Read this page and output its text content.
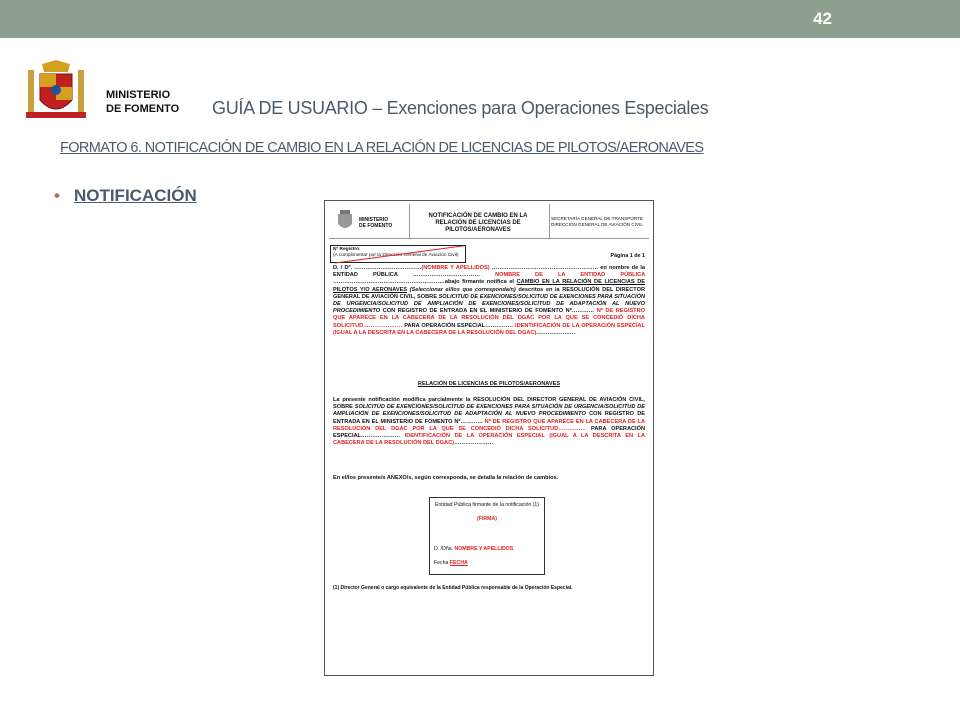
42
MINISTERIO
DE FOMENTO GUÍA DE USUARIO – Exenciones para Operaciones Especiales
FORMATO 6. NOTIFICACIÓN DE CAMBIO EN LA RELACIÓN DE LICENCIAS DE PILOTOS/AERONAVES
• NOTIFICACIÓN
MINISTERIO
DE FOMENTO
NOTIFICACIÓN DE CAMBIO EN LA RELACIÓN DE LICENCIAS DE PILOTOS/AERONAVES
SECRETARÍA GENERAL DE TRANSPORTE
DIRECCIÓN GENERAL DE AVIACIÓN CIVIL
Nº Registro:
(A cumplimentar por la Dirección General de Aviación Civil)	Página 1 de 1
D. / Dª. ………………………………(NOMBRE Y APELLIDOS) ………………………………………………… en nombre de la ENTIDAD PÚBLICA ………………………………	NOMBRE DE LA ENTIDAD PÚBLICA ……………………………………………………abajo firmante notifica el CAMBIO EN LA RELACIÓN DE LICENCIAS DE PILOTOS Y/O AERONAVES (Seleccionar el/los que corresponda/n) descritos en la RESOLUCIÓN DEL DIRECTOR GENERAL DE AVIACIÓN CIVIL, SOBRE SOLICITUD DE EXENCIONES/SOLICITUD DE EXENCIONES PARA SITUACIÓN DE URGENCIA/SOLICITUD DE AMPLIACIÓN DE EXENCIONES/SOLICITUD DE ADAPTACIÓN AL NUEVO PROCEDIMIENTO CON REGISTRO DE ENTRADA EN EL MINISTERIO DE FOMENTO Nº………… Nº DE REGISTRO QUE APARECE EN LA CABECERA DE LA RESOLUCIÓN DEL DGAC POR LA QUE SE CONCEDIÓ DICHA SOLICITUD………………… PARA OPERACIÓN ESPECIAL…………… IDENTIFICACIÓN DE LA OPERACIÓN ESPECIAL (IGUAL A LA DESCRITA EN LA CABECERA DE LA RESOLUCIÓN DEL DGAC)…………………
RELACIÓN DE LICENCIAS DE PILOTOS/AERONAVES
La presente notificación modifica parcialmente la RESOLUCIÓN DEL DIRECTOR GENERAL DE AVIACIÓN CIVIL, SOBRE SOLICITUD DE EXENCIONES/SOLICITUD DE EXENCIONES PARA SITUACIÓN DE URGENCIA/SOLICITUD DE AMPLIACIÓN DE EXENCIONES/SOLICITUD DE ADAPTACIÓN AL NUEVO PROCEDIMIENTO CON REGISTRO DE ENTRADA EN EL MINISTERIO DE FOMENTO Nº………… Nº DE REGISTRO QUE APARECE EN LA CABECERA DE LA RESOLUCIÓN DEL DGAC POR LA QUE SE CONCEDIÓ DICHA SOLICITUD…………… PARA OPERACIÓN ESPECIAL………………… IDENTIFICACIÓN DE LA OPERACIÓN ESPECIAL (IGUAL A LA DESCRITA EN LA CABECERA DE LA RESOLUCIÓN DEL DGAC)…………………
En el/los presente/s ANEXO/s, según corresponda, se detalla la relación de cambios.
Entidad Pública firmante de la notificación (1)
(FIRMA)
D. /Dña. NOMBRE Y APELLIDOS
Fecha FECHA
(1) Director General o cargo equivalente de la Entidad Pública responsable de la Operación Especial.
